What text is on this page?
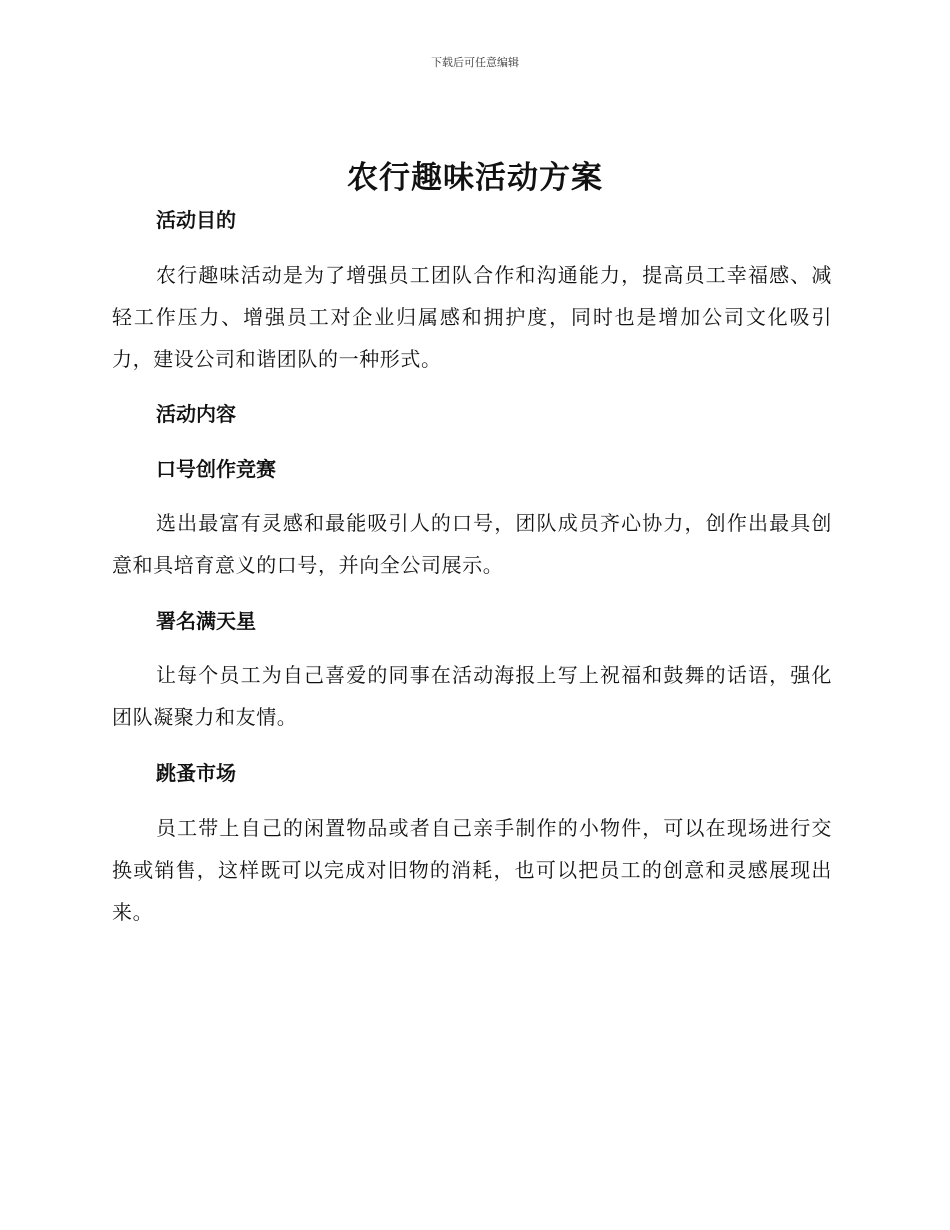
下载后可任意编辑
农行趣味活动方案
活动目的
农行趣味活动是为了增强员工团队合作和沟通能力，提高员工幸福感、减轻工作压力、增强员工对企业归属感和拥护度，同时也是增加公司文化吸引力，建设公司和谐团队的一种形式。
活动内容
口号创作竞赛
选出最富有灵感和最能吸引人的口号，团队成员齐心协力，创作出最具创意和具培育意义的口号，并向全公司展示。
署名满天星
让每个员工为自己喜爱的同事在活动海报上写上祝福和鼓舞的话语，强化团队凝聚力和友情。
跳蚤市场
员工带上自己的闲置物品或者自己亲手制作的小物件，可以在现场进行交换或销售，这样既可以完成对旧物的消耗，也可以把员工的创意和灵感展现出来。
